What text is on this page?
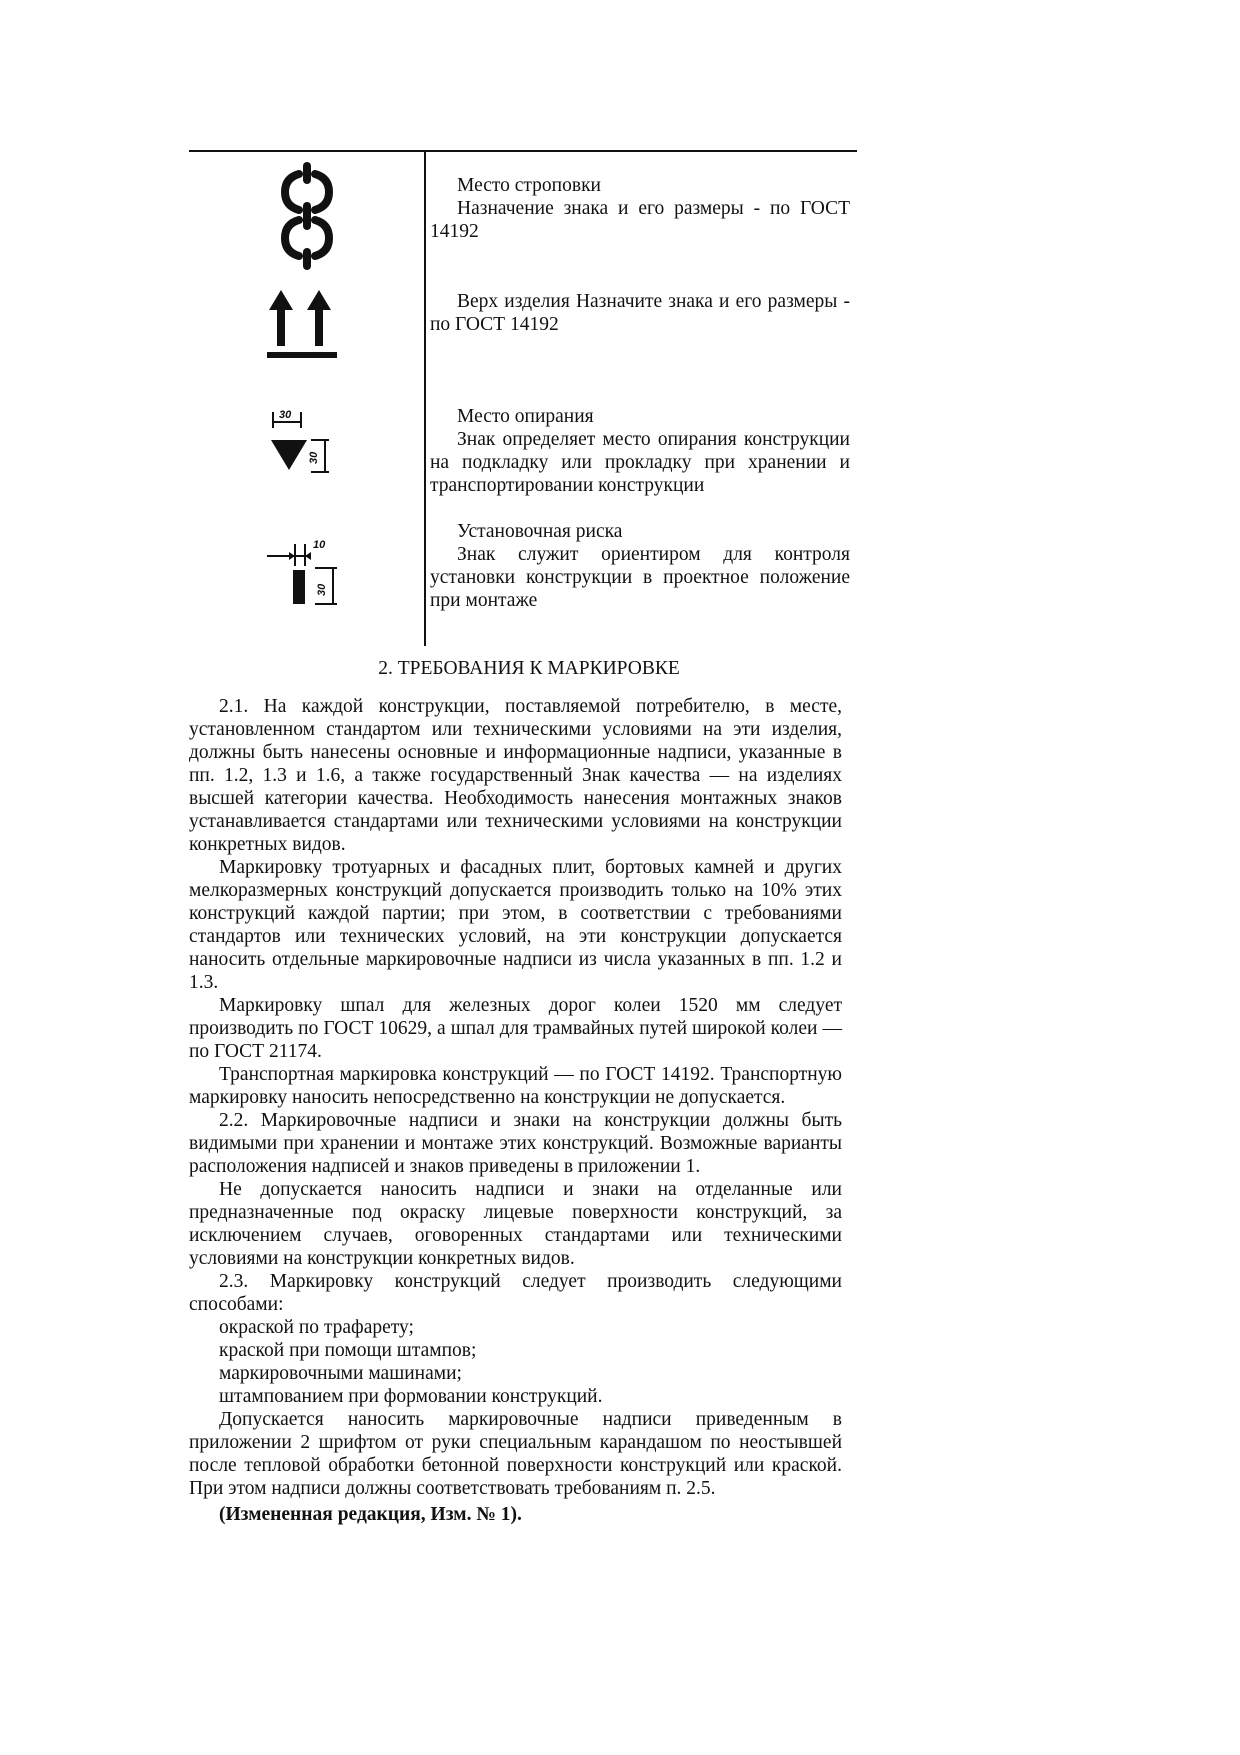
Место строповки

Назначение знака и его размеры - по ГОСТ 14192

Верх изделия Назначите знака и его размеры - по ГОСТ 14192

30
30

Место опирания

Знак определяет место опирания конструкции на подкладку или прокладку при хранении и транспортировании конструкции

10
30

Установочная риска

Знак служит ориентиром для контроля установки конструкции в проектное положение при монтаже

2. ТРЕБОВАНИЯ К МАРКИРОВКЕ

2.1. На каждой конструкции, поставляемой потребителю, в месте, установленном стандартом или техническими условиями на эти изделия, должны быть нанесены основные и информационные надписи, указанные в пп. 1.2, 1.3 и 1.6, а также государственный Знак качества — на изделиях высшей категории качества. Необходимость нанесения монтажных знаков устанавливается стандартами или техническими условиями на конструкции конкретных видов.

Маркировку тротуарных и фасадных плит, бортовых камней и других мелкоразмерных конструкций допускается производить только на 10% этих конструкций каждой партии; при этом, в соответствии с требованиями стандартов или технических условий, на эти конструкции допускается наносить отдельные маркировочные надписи из числа указанных в пп. 1.2 и 1.3.

Маркировку шпал для железных дорог колеи 1520 мм следует производить по ГОСТ 10629, а шпал для трамвайных путей широкой колеи — по ГОСТ 21174.

Транспортная маркировка конструкций — по ГОСТ 14192. Транспортную маркировку наносить непосредственно на конструкции не допускается.

2.2. Маркировочные надписи и знаки на конструкции должны быть видимыми при хранении и монтаже этих конструкций. Возможные варианты расположения надписей и знаков приведены в приложении 1.

Не допускается наносить надписи и знаки на отделанные или предназначенные под окраску лицевые поверхности конструкций, за исключением случаев, оговоренных стандартами или техническими условиями на конструкции конкретных видов.

2.3. Маркировку конструкций следует производить следующими способами:

окраской по трафарету;

краской при помощи штампов;

маркировочными машинами;

штампованием при формовании конструкций.

Допускается наносить маркировочные надписи приведенным в приложении 2 шрифтом от руки специальным карандашом по неостывшей после тепловой обработки бетонной поверхности конструкций или краской. При этом надписи должны соответствовать требованиям п. 2.5.

(Измененная редакция, Изм. № 1).
